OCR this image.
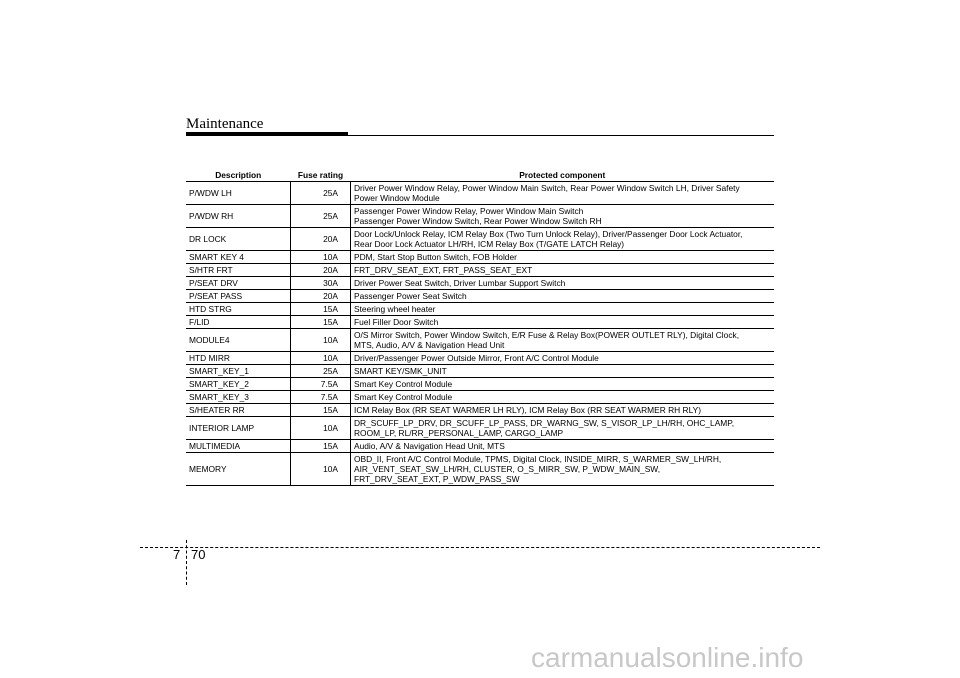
Maintenance
Description	Fuse rating	Protected component
P/WDW LH	25A	Driver Power Window Relay, Power Window Main Switch, Rear Power Window Switch LH, Driver Safety
Power Window Module
P/WDW RH	25A	Passenger Power Window Relay, Power Window Main Switch
Passenger Power Window Switch, Rear Power Window Switch RH
DR LOCK	20A	Door Lock/Unlock Relay, ICM Relay Box (Two Turn Unlock Relay), Driver/Passenger Door Lock Actuator,
Rear Door Lock Actuator LH/RH, ICM Relay Box (T/GATE LATCH Relay)
SMART KEY 4	10A	PDM, Start Stop Button Switch, FOB Holder
S/HTR FRT	20A	FRT_DRV_SEAT_EXT, FRT_PASS_SEAT_EXT
P/SEAT DRV	30A	Driver Power Seat Switch, Driver Lumbar Support Switch
P/SEAT PASS	20A	Passenger Power Seat Switch
HTD STRG	15A	Steering wheel heater
F/LID	15A	Fuel Filler Door Switch
MODULE4	10A	O/S Mirror Switch, Power Window Switch, E/R Fuse & Relay Box(POWER OUTLET RLY), Digital Clock,
MTS, Audio, A/V & Navigation Head Unit
HTD MIRR	10A	Driver/Passenger Power Outside Mirror, Front A/C Control Module
SMART_KEY_1	25A	SMART KEY/SMK_UNIT
SMART_KEY_2	7.5A	Smart Key Control Module
SMART_KEY_3	7.5A	Smart Key Control Module
S/HEATER RR	15A	ICM Relay Box (RR SEAT WARMER LH RLY), ICM Relay Box (RR SEAT WARMER RH RLY)
INTERIOR LAMP	10A	DR_SCUFF_LP_DRV, DR_SCUFF_LP_PASS, DR_WARNG_SW, S_VISOR_LP_LH/RH, OHC_LAMP,
ROOM_LP, RL/RR_PERSONAL_LAMP, CARGO_LAMP
MULTIMEDIA	15A	Audio, A/V & Navigation Head Unit, MTS
MEMORY	10A	OBD_II, Front A/C Control Module, TPMS, Digital Clock, INSIDE_MIRR, S_WARMER_SW_LH/RH,
AIR_VENT_SEAT_SW_LH/RH, CLUSTER, O_S_MIRR_SW, P_WDW_MAIN_SW,
FRT_DRV_SEAT_EXT, P_WDW_PASS_SW
7 70
carmanualsonline.info
